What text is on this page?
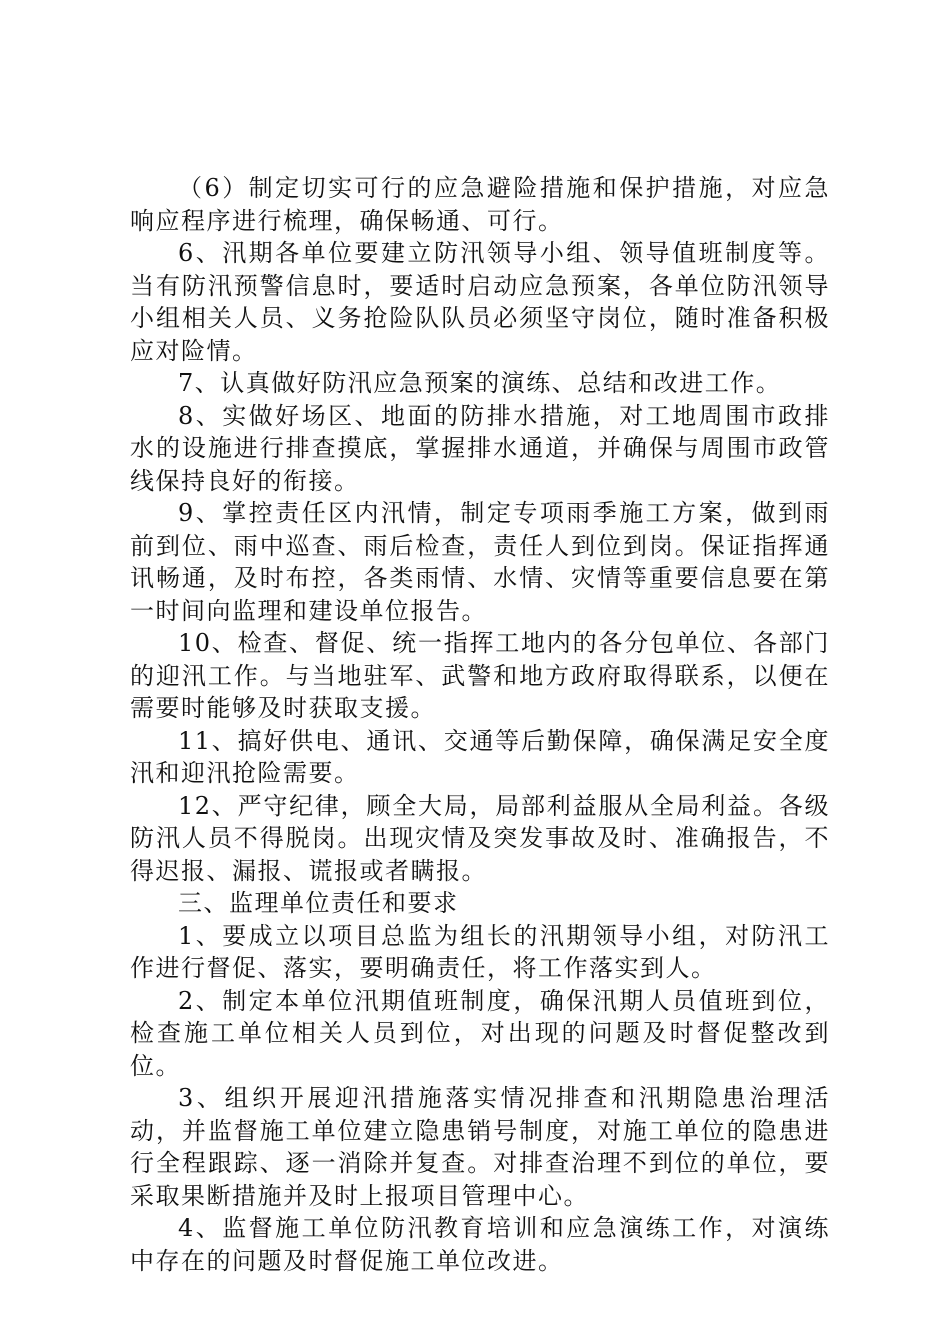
（6）制定切实可行的应急避险措施和保护措施，对应急响应程序进行梳理，确保畅通、可行。

6、汛期各单位要建立防汛领导小组、领导值班制度等。当有防汛预警信息时，要适时启动应急预案，各单位防汛领导小组相关人员、义务抢险队队员必须坚守岗位，随时准备积极应对险情。

7、认真做好防汛应急预案的演练、总结和改进工作。

8、实做好场区、地面的防排水措施，对工地周围市政排水的设施进行排查摸底，掌握排水通道，并确保与周围市政管线保持良好的衔接。

9、掌控责任区内汛情，制定专项雨季施工方案，做到雨前到位、雨中巡查、雨后检查，责任人到位到岗。保证指挥通讯畅通，及时布控，各类雨情、水情、灾情等重要信息要在第一时间向监理和建设单位报告。

10、检查、督促、统一指挥工地内的各分包单位、各部门的迎汛工作。与当地驻军、武警和地方政府取得联系，以便在需要时能够及时获取支援。

11、搞好供电、通讯、交通等后勤保障，确保满足安全度汛和迎汛抢险需要。

12、严守纪律，顾全大局，局部利益服从全局利益。各级防汛人员不得脱岗。出现灾情及突发事故及时、准确报告，不得迟报、漏报、谎报或者瞒报。

三、监理单位责任和要求

1、要成立以项目总监为组长的汛期领导小组，对防汛工作进行督促、落实，要明确责任，将工作落实到人。

2、制定本单位汛期值班制度，确保汛期人员值班到位，检查施工单位相关人员到位，对出现的问题及时督促整改到位。

3、组织开展迎汛措施落实情况排查和汛期隐患治理活动，并监督施工单位建立隐患销号制度，对施工单位的隐患进行全程跟踪、逐一消除并复查。对排查治理不到位的单位，要采取果断措施并及时上报项目管理中心。

4、监督施工单位防汛教育培训和应急演练工作，对演练中存在的问题及时督促施工单位改进。
